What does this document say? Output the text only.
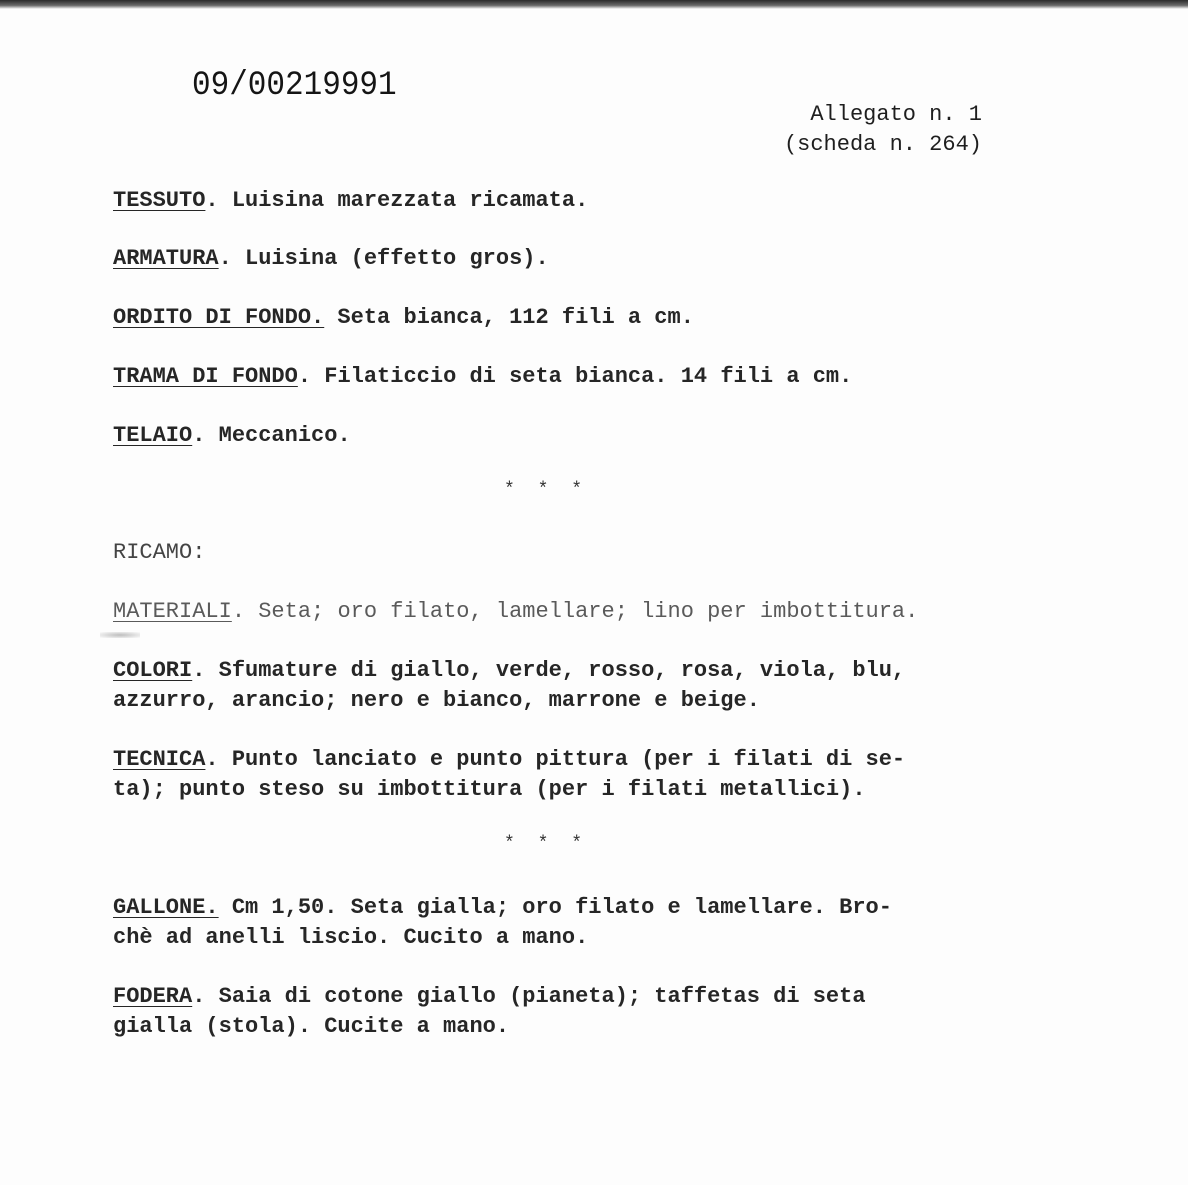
09/00219991
Allegato n. 1
(scheda n. 264)
TESSUTO. Luisina marezzata ricamata.
ARMATURA. Luisina (effetto gros).
ORDITO DI FONDO. Seta bianca, 112 fili a cm.
TRAMA DI FONDO. Filaticcio di seta bianca. 14 fili a cm.
TELAIO. Meccanico.
* * *
RICAMO:
MATERIALI. Seta; oro filato, lamellare; lino per imbottitura.
COLORI. Sfumature di giallo, verde, rosso, rosa, viola, blu,
azzurro, arancio; nero e bianco, marrone e beige.
TECNICA. Punto lanciato e punto pittura (per i filati di se-
ta); punto steso su imbottitura (per i filati metallici).
* * *
GALLONE. Cm 1,50. Seta gialla; oro filato e lamellare. Bro-
chè ad anelli liscio. Cucito a mano.
FODERA. Saia di cotone giallo (pianeta); taffetas di seta
gialla (stola). Cucite a mano.
